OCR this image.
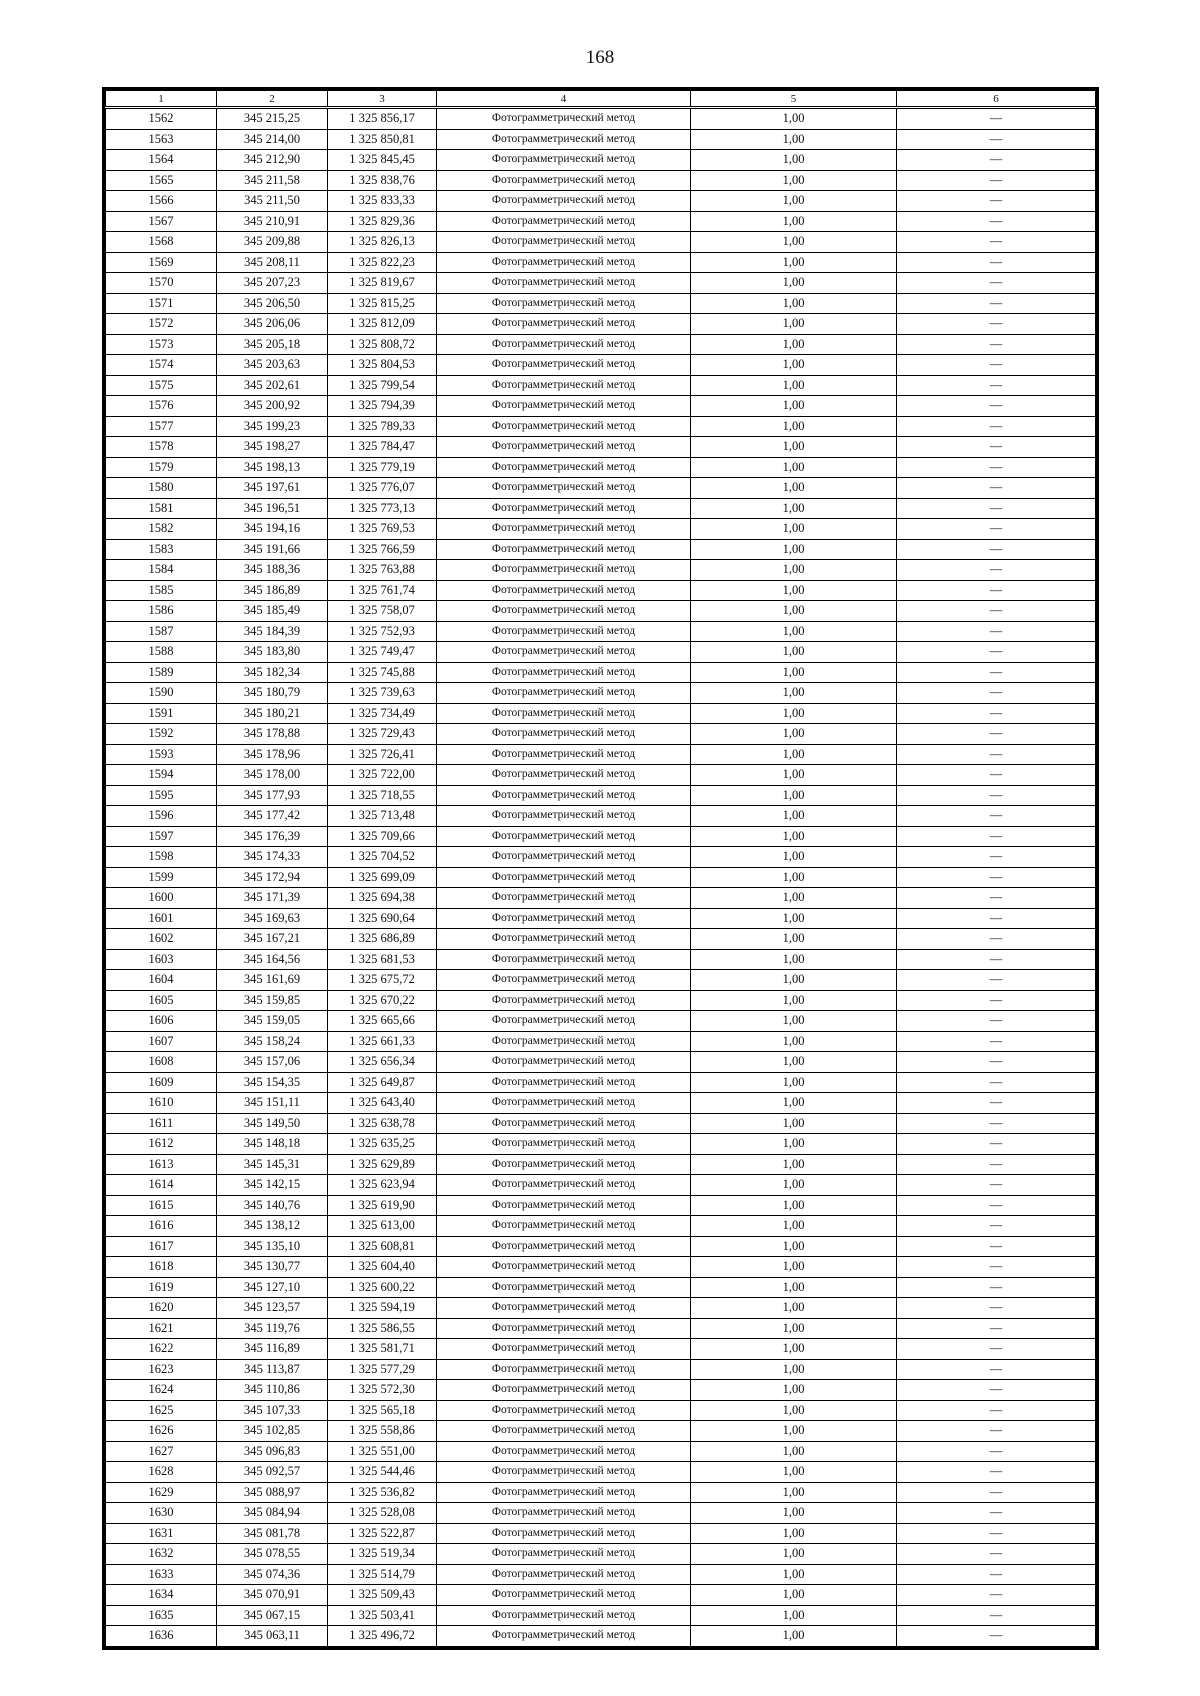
168
1	2	3	4	5	6
1562	345 215,25	1 325 856,17	Фотограмметрический метод	1,00	—
1563	345 214,00	1 325 850,81	Фотограмметрический метод	1,00	—
1564	345 212,90	1 325 845,45	Фотограмметрический метод	1,00	—
1565	345 211,58	1 325 838,76	Фотограмметрический метод	1,00	—
1566	345 211,50	1 325 833,33	Фотограмметрический метод	1,00	—
1567	345 210,91	1 325 829,36	Фотограмметрический метод	1,00	—
1568	345 209,88	1 325 826,13	Фотограмметрический метод	1,00	—
1569	345 208,11	1 325 822,23	Фотограмметрический метод	1,00	—
1570	345 207,23	1 325 819,67	Фотограмметрический метод	1,00	—
1571	345 206,50	1 325 815,25	Фотограмметрический метод	1,00	—
1572	345 206,06	1 325 812,09	Фотограмметрический метод	1,00	—
1573	345 205,18	1 325 808,72	Фотограмметрический метод	1,00	—
1574	345 203,63	1 325 804,53	Фотограмметрический метод	1,00	—
1575	345 202,61	1 325 799,54	Фотограмметрический метод	1,00	—
1576	345 200,92	1 325 794,39	Фотограмметрический метод	1,00	—
1577	345 199,23	1 325 789,33	Фотограмметрический метод	1,00	—
1578	345 198,27	1 325 784,47	Фотограмметрический метод	1,00	—
1579	345 198,13	1 325 779,19	Фотограмметрический метод	1,00	—
1580	345 197,61	1 325 776,07	Фотограмметрический метод	1,00	—
1581	345 196,51	1 325 773,13	Фотограмметрический метод	1,00	—
1582	345 194,16	1 325 769,53	Фотограмметрический метод	1,00	—
1583	345 191,66	1 325 766,59	Фотограмметрический метод	1,00	—
1584	345 188,36	1 325 763,88	Фотограмметрический метод	1,00	—
1585	345 186,89	1 325 761,74	Фотограмметрический метод	1,00	—
1586	345 185,49	1 325 758,07	Фотограмметрический метод	1,00	—
1587	345 184,39	1 325 752,93	Фотограмметрический метод	1,00	—
1588	345 183,80	1 325 749,47	Фотограмметрический метод	1,00	—
1589	345 182,34	1 325 745,88	Фотограмметрический метод	1,00	—
1590	345 180,79	1 325 739,63	Фотограмметрический метод	1,00	—
1591	345 180,21	1 325 734,49	Фотограмметрический метод	1,00	—
1592	345 178,88	1 325 729,43	Фотограмметрический метод	1,00	—
1593	345 178,96	1 325 726,41	Фотограмметрический метод	1,00	—
1594	345 178,00	1 325 722,00	Фотограмметрический метод	1,00	—
1595	345 177,93	1 325 718,55	Фотограмметрический метод	1,00	—
1596	345 177,42	1 325 713,48	Фотограмметрический метод	1,00	—
1597	345 176,39	1 325 709,66	Фотограмметрический метод	1,00	—
1598	345 174,33	1 325 704,52	Фотограмметрический метод	1,00	—
1599	345 172,94	1 325 699,09	Фотограмметрический метод	1,00	—
1600	345 171,39	1 325 694,38	Фотограмметрический метод	1,00	—
1601	345 169,63	1 325 690,64	Фотограмметрический метод	1,00	—
1602	345 167,21	1 325 686,89	Фотограмметрический метод	1,00	—
1603	345 164,56	1 325 681,53	Фотограмметрический метод	1,00	—
1604	345 161,69	1 325 675,72	Фотограмметрический метод	1,00	—
1605	345 159,85	1 325 670,22	Фотограмметрический метод	1,00	—
1606	345 159,05	1 325 665,66	Фотограмметрический метод	1,00	—
1607	345 158,24	1 325 661,33	Фотограмметрический метод	1,00	—
1608	345 157,06	1 325 656,34	Фотограмметрический метод	1,00	—
1609	345 154,35	1 325 649,87	Фотограмметрический метод	1,00	—
1610	345 151,11	1 325 643,40	Фотограмметрический метод	1,00	—
1611	345 149,50	1 325 638,78	Фотограмметрический метод	1,00	—
1612	345 148,18	1 325 635,25	Фотограмметрический метод	1,00	—
1613	345 145,31	1 325 629,89	Фотограмметрический метод	1,00	—
1614	345 142,15	1 325 623,94	Фотограмметрический метод	1,00	—
1615	345 140,76	1 325 619,90	Фотограмметрический метод	1,00	—
1616	345 138,12	1 325 613,00	Фотограмметрический метод	1,00	—
1617	345 135,10	1 325 608,81	Фотограмметрический метод	1,00	—
1618	345 130,77	1 325 604,40	Фотограмметрический метод	1,00	—
1619	345 127,10	1 325 600,22	Фотограмметрический метод	1,00	—
1620	345 123,57	1 325 594,19	Фотограмметрический метод	1,00	—
1621	345 119,76	1 325 586,55	Фотограмметрический метод	1,00	—
1622	345 116,89	1 325 581,71	Фотограмметрический метод	1,00	—
1623	345 113,87	1 325 577,29	Фотограмметрический метод	1,00	—
1624	345 110,86	1 325 572,30	Фотограмметрический метод	1,00	—
1625	345 107,33	1 325 565,18	Фотограмметрический метод	1,00	—
1626	345 102,85	1 325 558,86	Фотограмметрический метод	1,00	—
1627	345 096,83	1 325 551,00	Фотограмметрический метод	1,00	—
1628	345 092,57	1 325 544,46	Фотограмметрический метод	1,00	—
1629	345 088,97	1 325 536,82	Фотограмметрический метод	1,00	—
1630	345 084,94	1 325 528,08	Фотограмметрический метод	1,00	—
1631	345 081,78	1 325 522,87	Фотограмметрический метод	1,00	—
1632	345 078,55	1 325 519,34	Фотограмметрический метод	1,00	—
1633	345 074,36	1 325 514,79	Фотограмметрический метод	1,00	—
1634	345 070,91	1 325 509,43	Фотограмметрический метод	1,00	—
1635	345 067,15	1 325 503,41	Фотограмметрический метод	1,00	—
1636	345 063,11	1 325 496,72	Фотограмметрический метод	1,00	—
